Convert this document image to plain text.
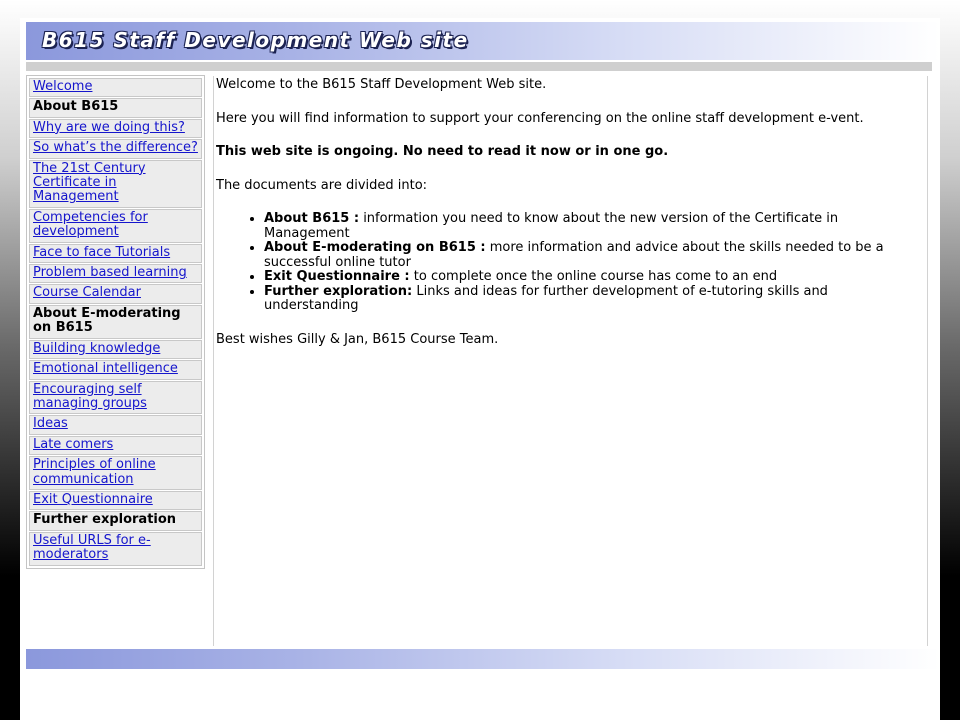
B615 Staff Development Web site
Welcome
About B615
Why are we doing this?
So what’s the difference?
The 21st Century Certificate in Management
Competencies for development
Face to face Tutorials
Problem based learning
Course Calendar
About E-moderating on B615
Building knowledge
Emotional intelligence
Encouraging self managing groups
Ideas
Late comers
Principles of online communication
Exit Questionnaire
Further exploration
Useful URLS for e-moderators

Welcome to the B615 Staff Development Web site.

Here you will find information to support your conferencing on the online staff development e-vent.

This web site is ongoing. No need to read it now or in one go.

The documents are divided into:

• About B615 : information you need to know about the new version of the Certificate in Management
• About E-moderating on B615 : more information and advice about the skills needed to be a successful online tutor
• Exit Questionnaire : to complete once the online course has come to an end
• Further exploration: Links and ideas for further development of e-tutoring skills and understanding

Best wishes Gilly & Jan, B615 Course Team.
